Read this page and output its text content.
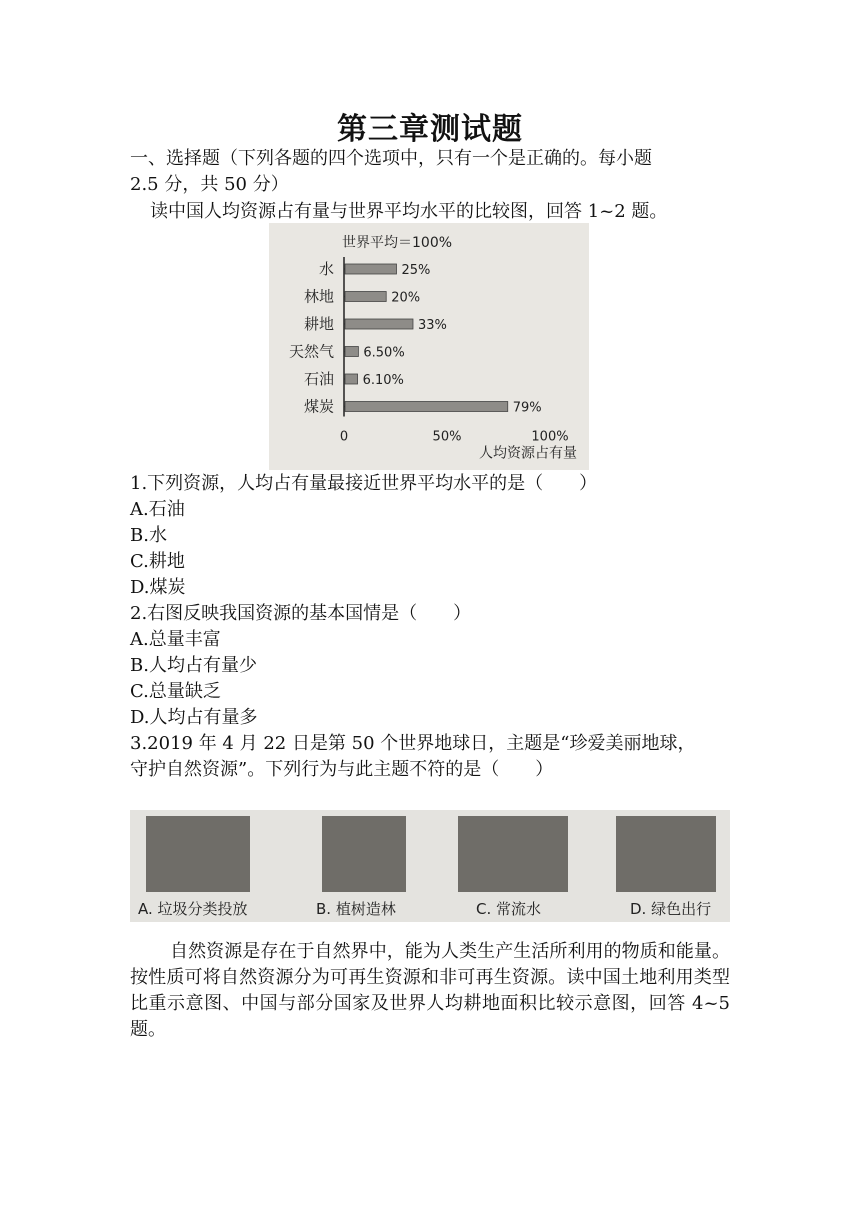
第三章测试题
一、选择题（下列各题的四个选项中，只有一个是正确的。每小题
2.5 分，共 50 分）
读中国人均资源占有量与世界平均水平的比较图，回答 1~2 题。
1.下列资源，人均占有量最接近世界平均水平的是（　　）
A.石油
B.水
C.耕地
D.煤炭
2.右图反映我国资源的基本国情是（　　）
A.总量丰富
B.人均占有量少
C.总量缺乏
D.人均占有量多
3.2019 年 4 月 22 日是第 50 个世界地球日，主题是“珍爱美丽地球，
守护自然资源”。下列行为与此主题不符的是（　　）
自然资源是存在于自然界中，能为人类生产生活所利用的物质和能量。按性质可将自然资源分为可再生资源和非可再生资源。读中国土地利用类型比重示意图、中国与部分国家及世界人均耕地面积比较示意图，回答 4~5 题。
世界平均＝100%
水	25%
林地	20%
耕地	33%
天然气 6.50%
石油 6.10%
煤炭	79%
0	50%	100%
人均资源占有量
A. 垃圾分类投放	B. 植树造林	C. 常流水	D. 绿色出行
